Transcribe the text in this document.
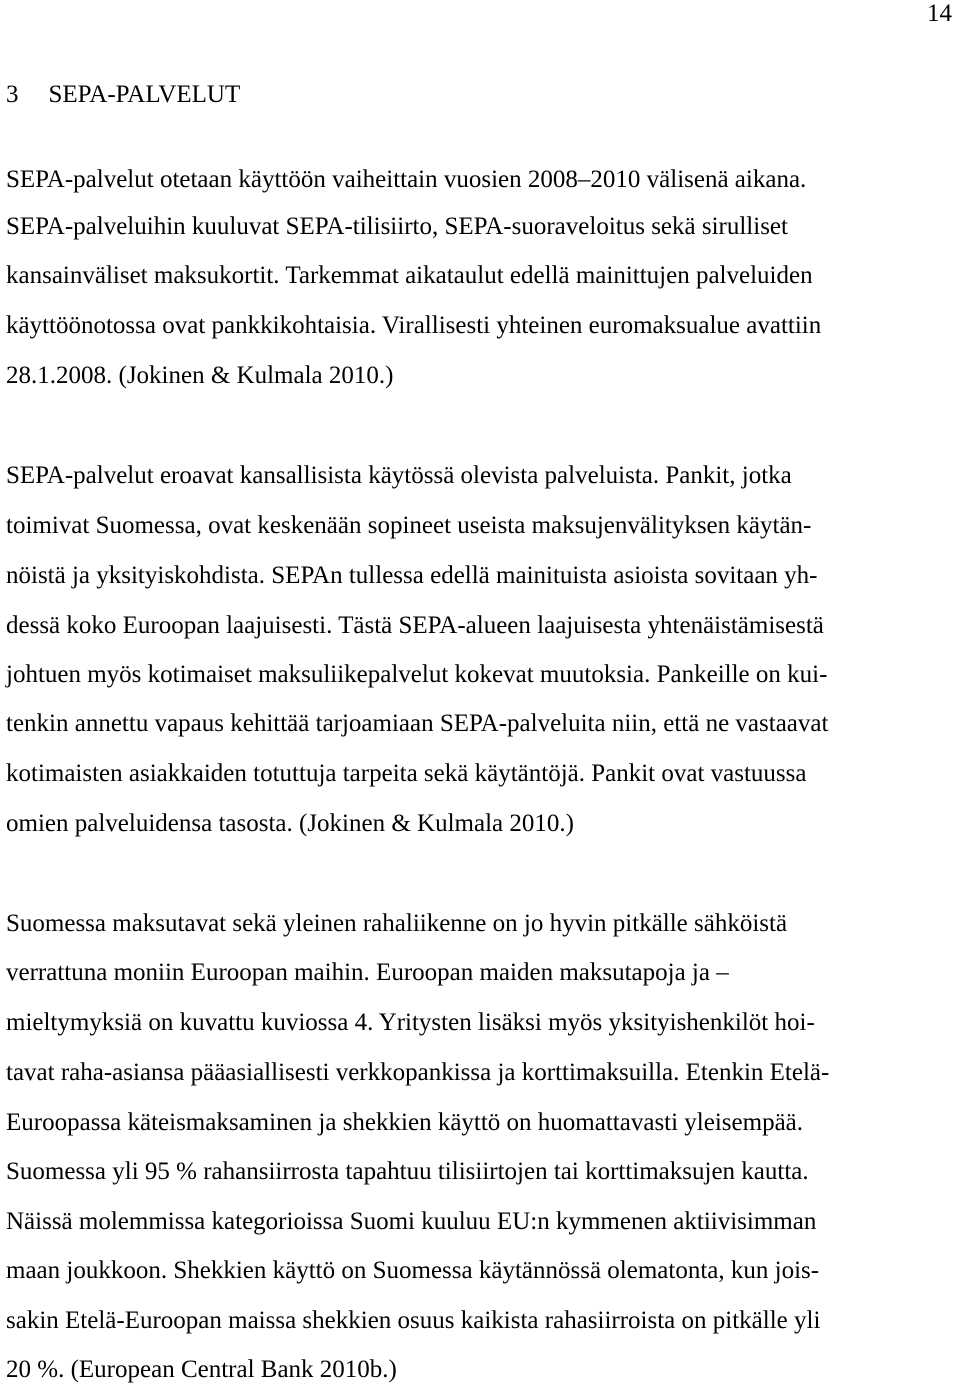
14
3 SEPA-PALVELUT
SEPA-palvelut otetaan käyttöön vaiheittain vuosien 2008–2010 välisenä aikana.
SEPA-palveluihin kuuluvat SEPA-tilisiirto, SEPA-suoraveloitus sekä sirulliset
kansainväliset maksukortit. Tarkemmat aikataulut edellä mainittujen palveluiden
käyttöönotossa ovat pankkikohtaisia. Virallisesti yhteinen euromaksualue avattiin
28.1.2008. (Jokinen & Kulmala 2010.)
SEPA-palvelut eroavat kansallisista käytössä olevista palveluista. Pankit, jotka
toimivat Suomessa, ovat keskenään sopineet useista maksujenvälityksen käytän-
nöistä ja yksityiskohdista. SEPAn tullessa edellä mainituista asioista sovitaan yh-
dessä koko Euroopan laajuisesti. Tästä SEPA-alueen laajuisesta yhtenäistämisestä
johtuen myös kotimaiset maksuliikepalvelut kokevat muutoksia. Pankeille on kui-
tenkin annettu vapaus kehittää tarjoamiaan SEPA-palveluita niin, että ne vastaavat
kotimaisten asiakkaiden totuttuja tarpeita sekä käytäntöjä. Pankit ovat vastuussa
omien palveluidensa tasosta. (Jokinen & Kulmala 2010.)
Suomessa maksutavat sekä yleinen rahaliikenne on jo hyvin pitkälle sähköistä
verrattuna moniin Euroopan maihin. Euroopan maiden maksutapoja ja –
mieltymyksiä on kuvattu kuviossa 4. Yritysten lisäksi myös yksityishenkilöt hoi-
tavat raha-asiansa pääasiallisesti verkkopankissa ja korttimaksuilla. Etenkin Etelä-
Euroopassa käteismaksaminen ja shekkien käyttö on huomattavasti yleisempää.
Suomessa yli 95 % rahansiirrosta tapahtuu tilisiirtojen tai korttimaksujen kautta.
Näissä molemmissa kategorioissa Suomi kuuluu EU:n kymmenen aktiivisimman
maan joukkoon. Shekkien käyttö on Suomessa käytännössä olematonta, kun jois-
sakin Etelä-Euroopan maissa shekkien osuus kaikista rahasiirroista on pitkälle yli
20 %. (European Central Bank 2010b.)
